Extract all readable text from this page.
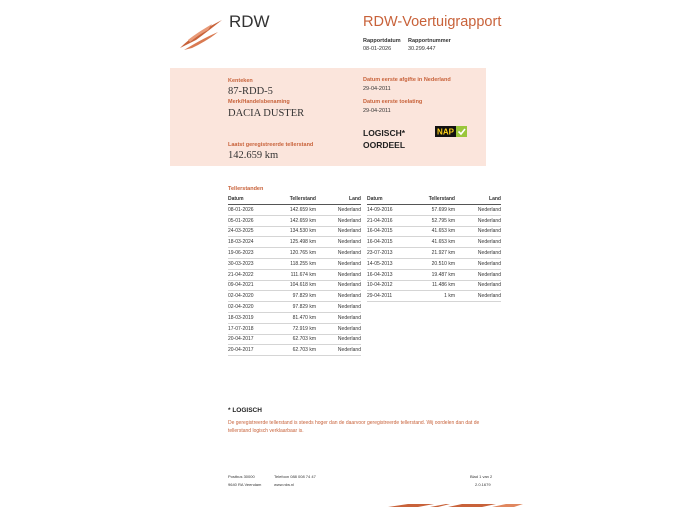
RDW	RDW-Voertuigrapport
Rapportdatum
08-01-2026
Rapportnummer
30.299.447
Kenteken
87-RDD-5
Merk/Handelsbenaming
DACIA DUSTER
Laatst geregistreerde tellerstand
142.659 km
Datum eerste afgifte in Nederland
29-04-2011
Datum eerste toelating
29-04-2011
LOGISCH*
OORDEEL
NAP
Tellerstanden
Datum	Tellerstand	Land
08-01-2026	142.659 km	Nederland
05-01-2026	142.659 km	Nederland
24-03-2025	134.530 km	Nederland
18-03-2024	125.498 km	Nederland
19-06-2023	120.765 km	Nederland
30-03-2023	118.255 km	Nederland
21-04-2022	111.674 km	Nederland
09-04-2021	104.618 km	Nederland
02-04-2020	97.829 km	Nederland
02-04-2020	97.829 km	Nederland
18-03-2019	81.470 km	Nederland
17-07-2018	72.919 km	Nederland
20-04-2017	62.703 km	Nederland
20-04-2017	62.703 km	Nederland
Datum	Tellerstand	Land
14-09-2016	57.699 km	Nederland
21-04-2016	52.795 km	Nederland
16-04-2015	41.653 km	Nederland
16-04-2015	41.653 km	Nederland
23-07-2013	21.927 km	Nederland
14-05-2013	20.510 km	Nederland
16-04-2013	19.487 km	Nederland
10-04-2012	11.486 km	Nederland
29-04-2011	1 km	Nederland
* LOGISCH
De geregistreerde tellerstand is steeds hoger dan de daarvoor geregistreerde tellerstand. Wij oordelen dan dat de tellerstand logisch verklaarbaar is.
Postbus 30000
9640 RA Veendam
Telefoon 088 008 74 47
www.rdw.nl
Blad 1 van 2
2.0.1679
